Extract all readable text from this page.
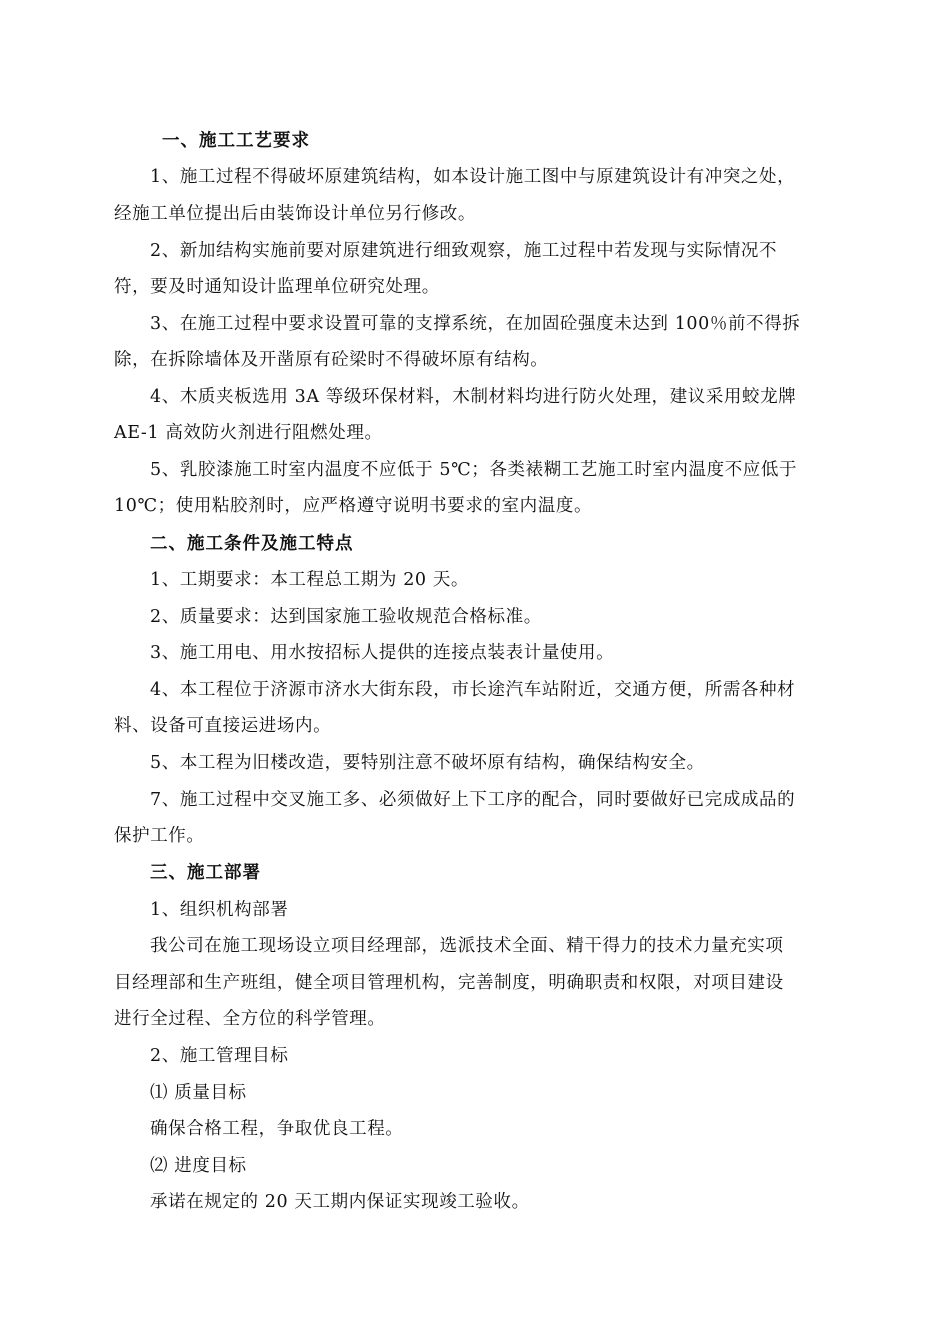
一、施工工艺要求
1、施工过程不得破坏原建筑结构，如本设计施工图中与原建筑设计有冲突之处，
经施工单位提出后由装饰设计单位另行修改。
2、新加结构实施前要对原建筑进行细致观察，施工过程中若发现与实际情况不
符，要及时通知设计监理单位研究处理。
3、在施工过程中要求设置可靠的支撑系统，在加固砼强度未达到 100％前不得拆
除，在拆除墙体及开凿原有砼梁时不得破坏原有结构。
4、木质夹板选用 3A 等级环保材料，木制材料均进行防火处理，建议采用蛟龙牌
AE-1 高效防火剂进行阻燃处理。
5、乳胶漆施工时室内温度不应低于 5℃；各类裱糊工艺施工时室内温度不应低于
10℃；使用粘胶剂时，应严格遵守说明书要求的室内温度。
二、施工条件及施工特点
1、工期要求：本工程总工期为 20 天。
2、质量要求：达到国家施工验收规范合格标准。
3、施工用电、用水按招标人提供的连接点装表计量使用。
4、本工程位于济源市济水大街东段，市长途汽车站附近，交通方便，所需各种材
料、设备可直接运进场内。
5、本工程为旧楼改造，要特别注意不破坏原有结构，确保结构安全。
7、施工过程中交叉施工多、必须做好上下工序的配合，同时要做好已完成成品的
保护工作。
三、施工部署
1、组织机构部署
我公司在施工现场设立项目经理部，选派技术全面、精干得力的技术力量充实项
目经理部和生产班组，健全项目管理机构，完善制度，明确职责和权限，对项目建设
进行全过程、全方位的科学管理。
2、施工管理目标
⑴ 质量目标
确保合格工程，争取优良工程。
⑵ 进度目标
承诺在规定的 20 天工期内保证实现竣工验收。
